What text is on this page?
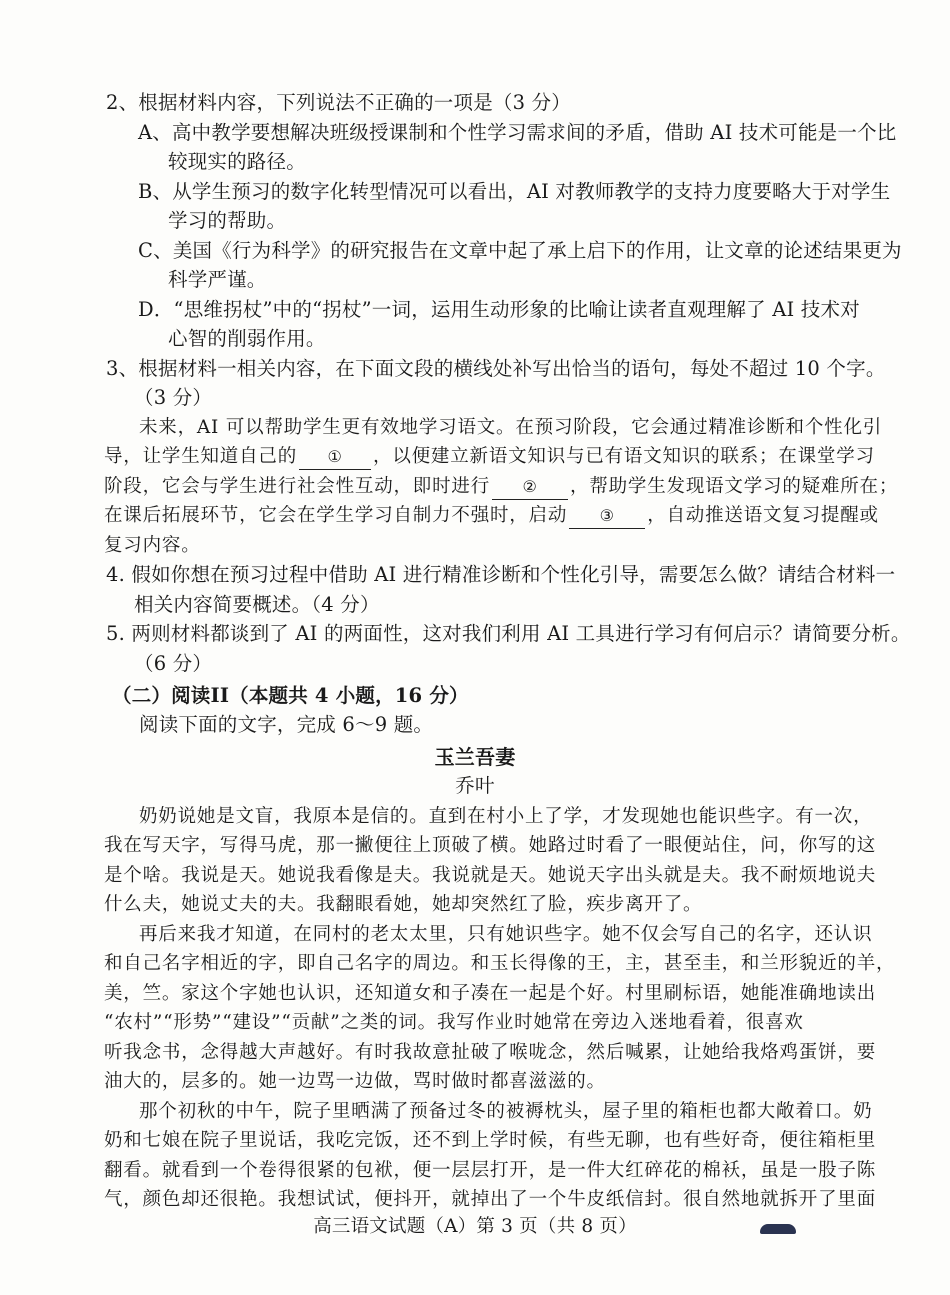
2、根据材料内容，下列说法不正确的一项是（3 分）
A、高中教学要想解决班级授课制和个性学习需求间的矛盾，借助 AI 技术可能是一个比
较现实的路径。
B、从学生预习的数字化转型情况可以看出，AI 对教师教学的支持力度要略大于对学生
学习的帮助。
C、美国《行为科学》的研究报告在文章中起了承上启下的作用，让文章的论述结果更为
科学严谨。
D．“思维拐杖”中的“拐杖”一词，运用生动形象的比喻让读者直观理解了 AI 技术对
心智的削弱作用。
3、根据材料一相关内容，在下面文段的横线处补写出恰当的语句，每处不超过 10 个字。
（3 分）
未来，AI 可以帮助学生更有效地学习语文。在预习阶段，它会通过精准诊断和个性化引
导，让学生知道自己的 ① ，以便建立新语文知识与已有语文知识的联系；在课堂学习
阶段，它会与学生进行社会性互动，即时进行 ② ，帮助学生发现语文学习的疑难所在；
在课后拓展环节，它会在学生学习自制力不强时，启动 ③ ，自动推送语文复习提醒或
复习内容。
4. 假如你想在预习过程中借助 AI 进行精准诊断和个性化引导，需要怎么做？请结合材料一
相关内容简要概述。（4 分）
5. 两则材料都谈到了 AI 的两面性，这对我们利用 AI 工具进行学习有何启示？请简要分析。
（6 分）
（二）阅读II（本题共 4 小题，16 分）
阅读下面的文字，完成 6～9 题。
玉兰吾妻
乔叶
奶奶说她是文盲，我原本是信的。直到在村小上了学，才发现她也能识些字。有一次，
我在写天字，写得马虎，那一撇便往上顶破了横。她路过时看了一眼便站住，问，你写的这
是个啥。我说是天。她说我看像是夫。我说就是天。她说天字出头就是夫。我不耐烦地说夫
什么夫，她说丈夫的夫。我翻眼看她，她却突然红了脸，疾步离开了。
再后来我才知道，在同村的老太太里，只有她识些字。她不仅会写自己的名字，还认识
和自己名字相近的字，即自己名字的周边。和玉长得像的王，主，甚至圭，和兰形貌近的羊，
美，竺。家这个字她也认识，还知道女和子凑在一起是个好。村里刷标语，她能准确地读出
“农村”“形势”“建设”“贡献”之类的词。我写作业时她常在旁边入迷地看着，很喜欢
听我念书，念得越大声越好。有时我故意扯破了喉咙念，然后喊累，让她给我烙鸡蛋饼，要
油大的，层多的。她一边骂一边做，骂时做时都喜滋滋的。
那个初秋的中午，院子里晒满了预备过冬的被褥枕头，屋子里的箱柜也都大敞着口。奶
奶和七娘在院子里说话，我吃完饭，还不到上学时候，有些无聊，也有些好奇，便往箱柜里
翻看。就看到一个卷得很紧的包袱，便一层层打开，是一件大红碎花的棉袄，虽是一股子陈
气，颜色却还很艳。我想试试，便抖开，就掉出了一个牛皮纸信封。很自然地就拆开了里面
高三语文试题（A）第 3 页（共 8 页）
